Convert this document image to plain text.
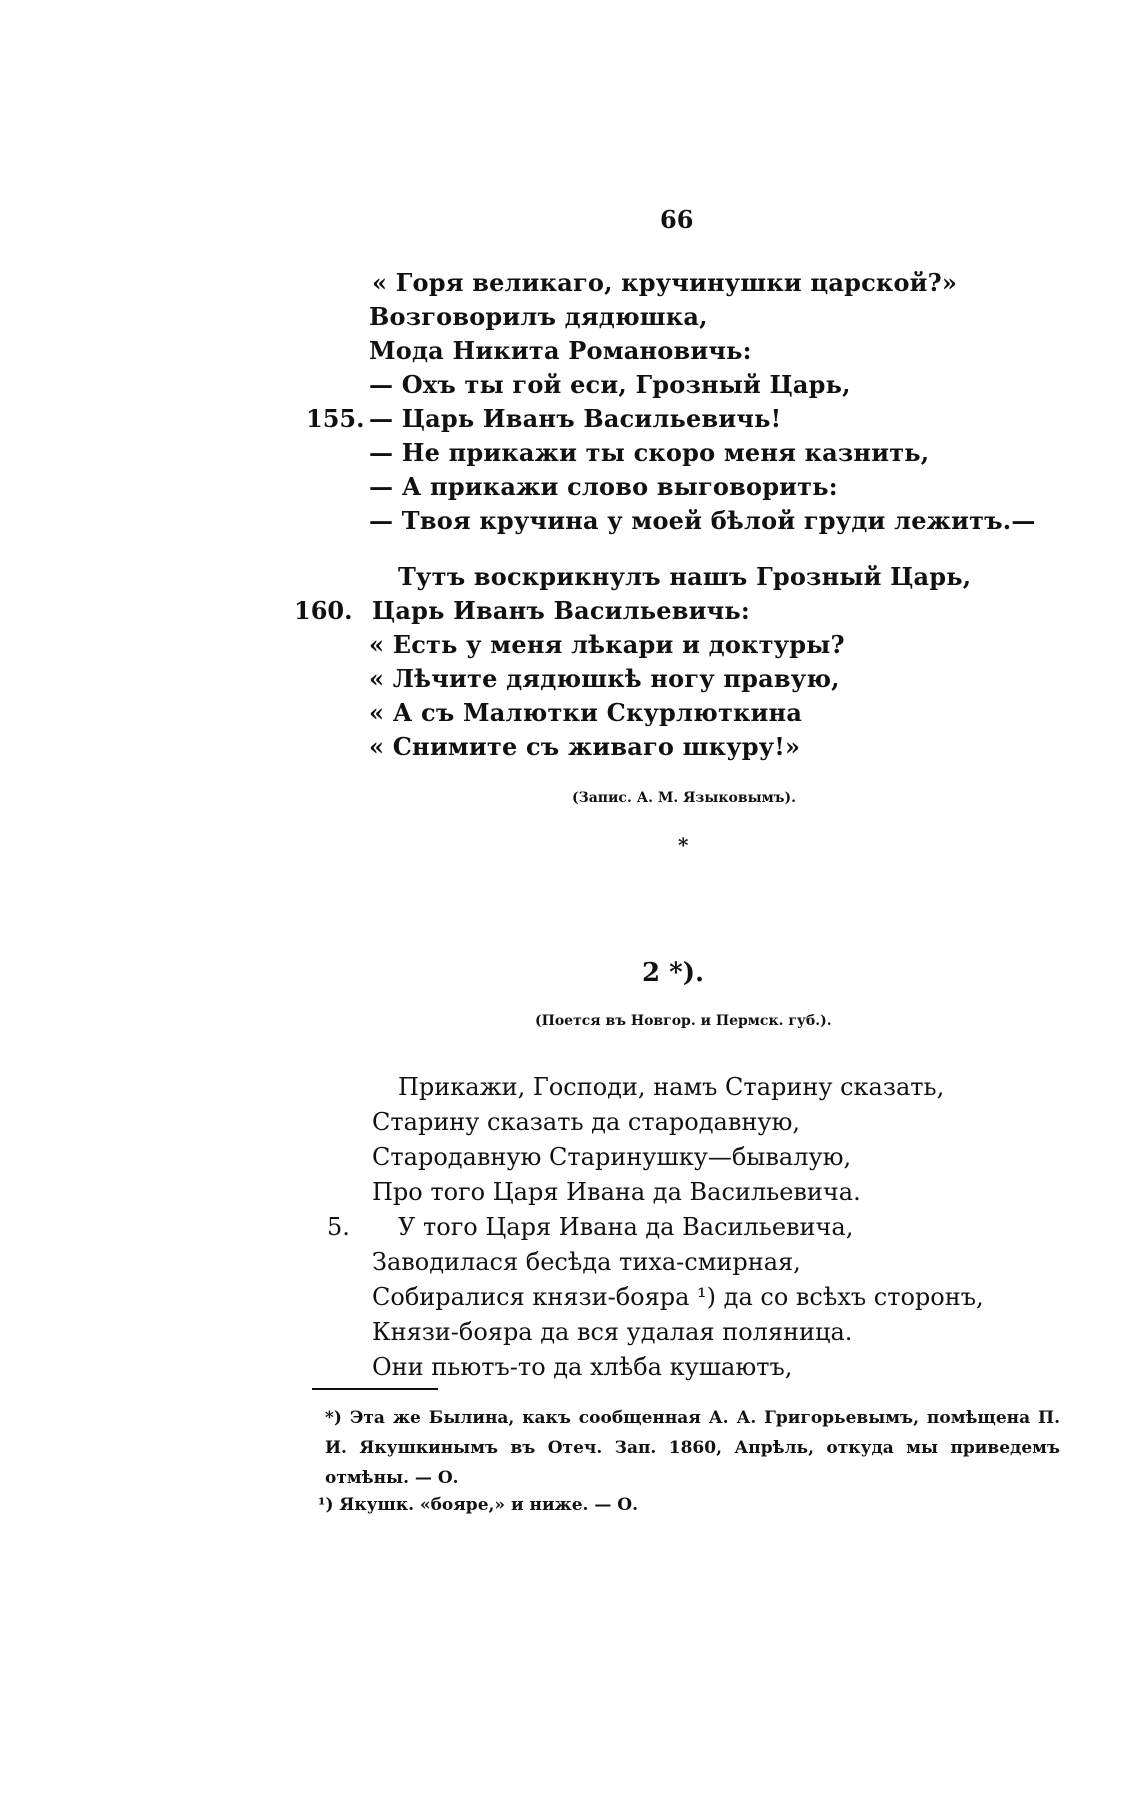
66
« Горя великаго, кручинушки царской?»
Возговорилъ дядюшка,
Мода Никита Романовичь:
— Охъ ты гой еси, Грозный Царь,
155. — Царь Иванъ Васильевичь!
— Не прикажи ты скоро меня казнить,
— А прикажи слово выговорить:
— Твоя кручина у моей бѣлой груди лежитъ.—
Тутъ воскрикнулъ нашъ Грозный Царь,
160. Царь Иванъ Васильевичь:
« Есть у меня лѣкари и доктуры?
« Лѣчите дядюшкѣ ногу правую,
« А съ Малютки Скурлюткина
« Снимите съ живаго шкуру!»
(Запис. А. М. Языковымъ).
*
2 *).
(Поется въ Новгор. и Пермск. губ.).
Прикажи, Господи, намъ Старину сказать,
Старину сказать да стародавную,
Стародавную Старинушку—бывалую,
Про того Царя Ивана да Васильевича.
5. У того Царя Ивана да Васильевича,
Заводилася бесѣда тиха-смирная,
Собиралися князи-бояра ¹) да со всѣхъ сторонъ,
Князи-бояра да вся удалая поляница.
Они пьютъ-то да хлѣба кушаютъ,
*) Эта же Былина, какъ сообщенная А. А. Григорьевымъ, помѣщена П. И. Якушкинымъ въ Отеч. Зап. 1860, Апрѣль, откуда мы приведемъ отмѣны. — О.
¹) Якушк. «бояре,» и ниже. — О.
